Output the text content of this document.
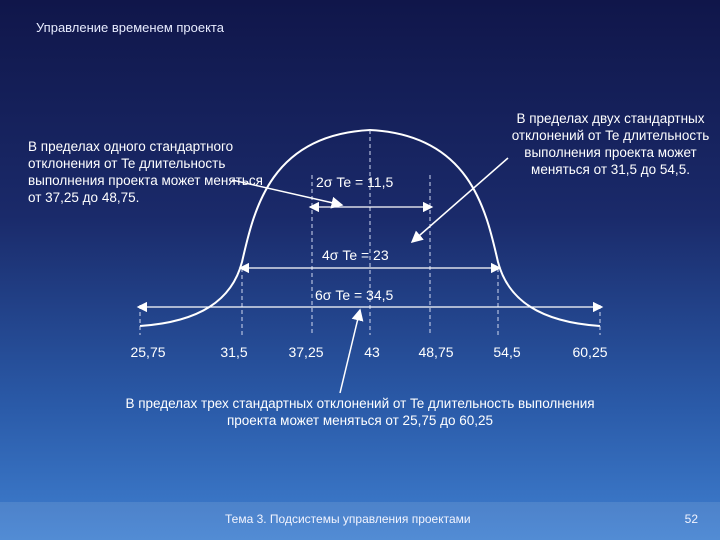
Управление временем проекта
В пределах одного стандартного отклонения от Te длительность выполнения проекта может меняться от 37,25 до 48,75.
В пределах двух стандартных отклонений от Te длительность выполнения проекта может меняться от 31,5 до 54,5.
2σ Te = 11,5
4σ Te = 23
6σ Te = 34,5
25,75	31,5	37,25	43	48,75	54,5	60,25
В пределах трех стандартных отклонений от Te длительность выполнения проекта может меняться от 25,75 до 60,25
Тема 3. Подсистемы управления проектами	52
